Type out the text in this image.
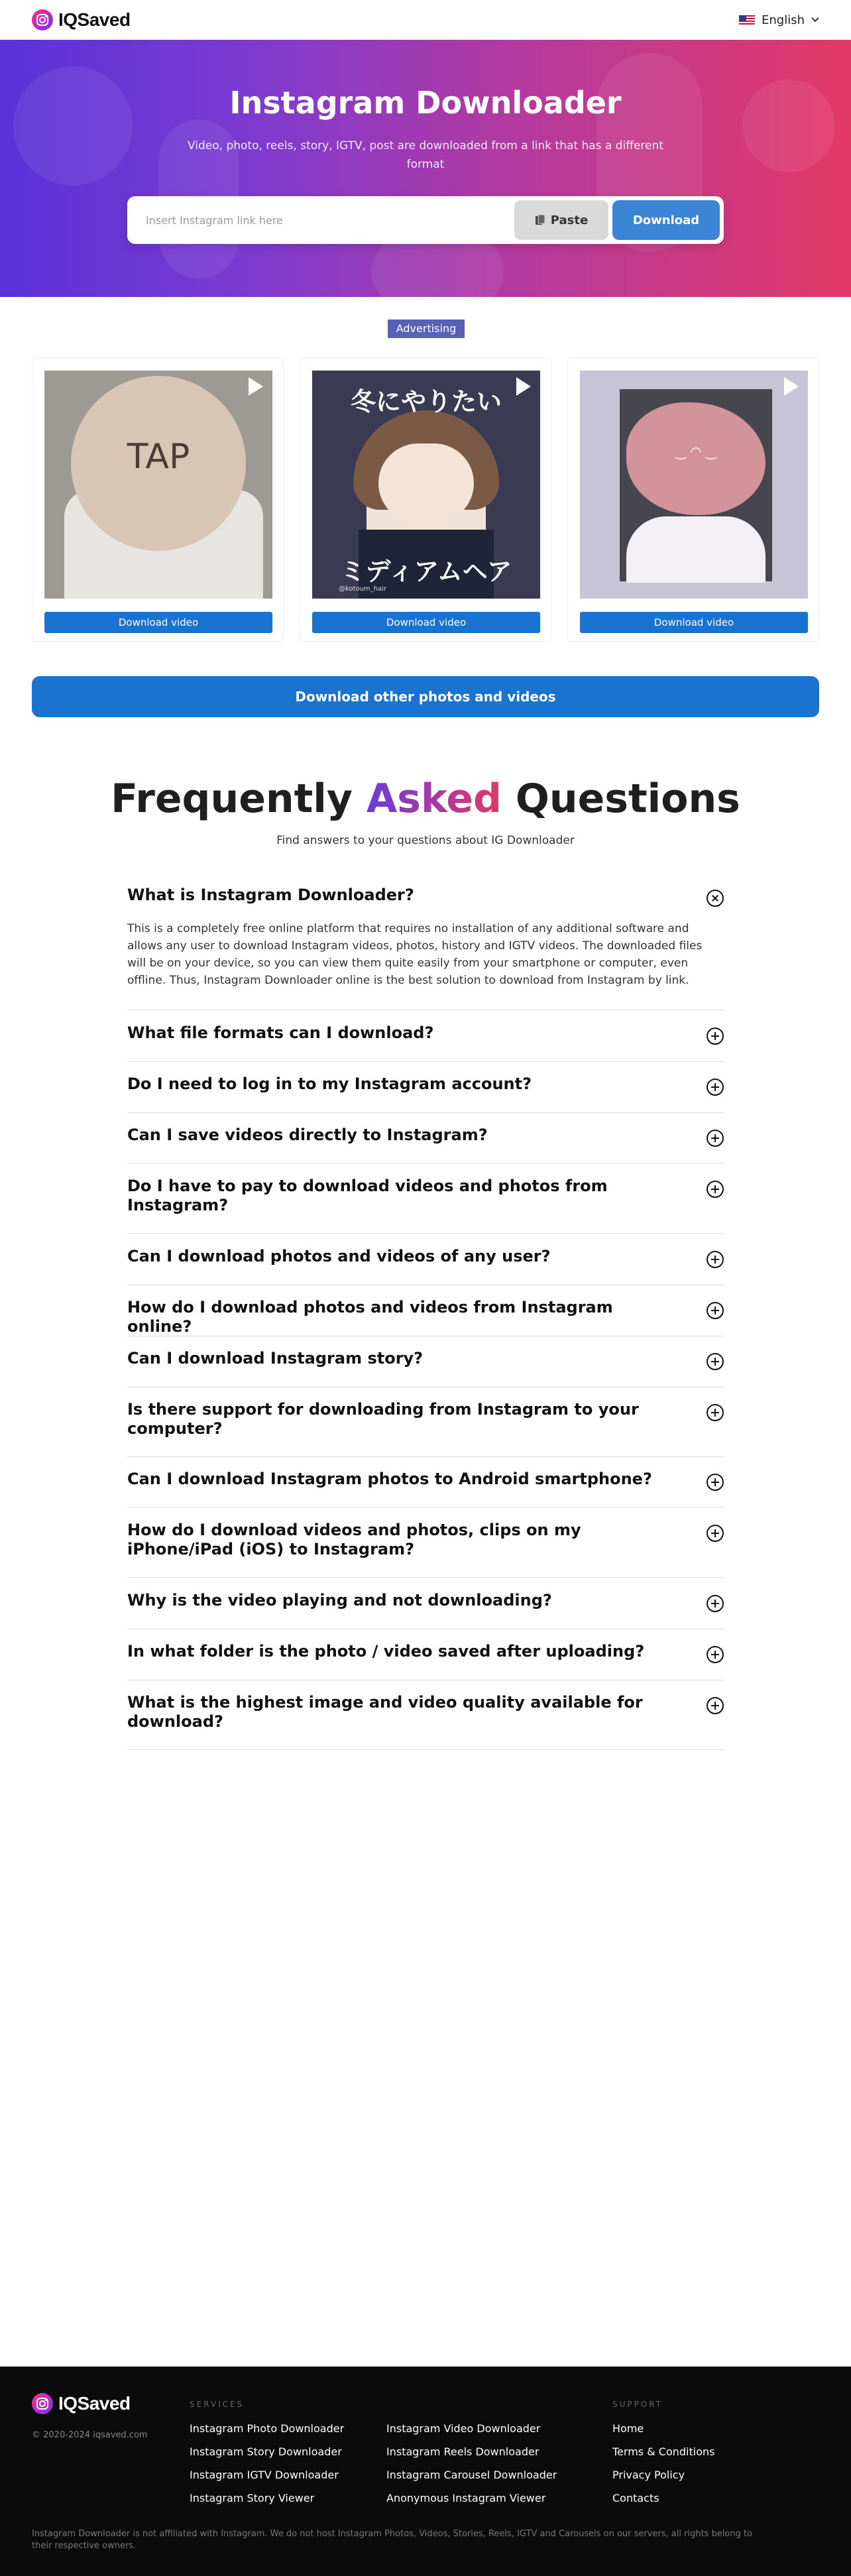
IQSaved	English
Instagram Downloader

Video, photo, reels, story, IGTV, post are downloaded from a link that has a different format

Insert Instagram link here
Paste	Download
Advertising
TAP
Download video
冬にやりたい
ミディアムヘア
@kotoum_hair
Download video
‿ ◠ ‿
Download video
Download other photos and videos
Frequently Asked Questions
Find answers to your questions about IG Downloader
What is Instagram Downloader?
This is a completely free online platform that requires no installation of any additional software and allows any user to download Instagram videos, photos, history and IGTV videos. The downloaded files will be on your device, so you can view them quite easily from your smartphone or computer, even offline. Thus, Instagram Downloader online is the best solution to download from Instagram by link.
What file formats can I download?
Do I need to log in to my Instagram account?
Can I save videos directly to Instagram?
Do I have to pay to download videos and photos from Instagram?
Can I download photos and videos of any user?
How do I download photos and videos from Instagram online?
Can I download Instagram story?
Is there support for downloading from Instagram to your computer?
Can I download Instagram photos to Android smartphone?
How do I download videos and photos, clips on my iPhone/iPad (iOS) to Instagram?
Why is the video playing and not downloading?
In what folder is the photo / video saved after uploading?
What is the highest image and video quality available for download?
IQSaved
© 2020-2024 iqsaved.com
SERVICES
Instagram Photo Downloader
Instagram Story Downloader
Instagram IGTV Downloader
Instagram Story Viewer
Instagram Video Downloader
Instagram Reels Downloader
Instagram Carousel Downloader
Anonymous Instagram Viewer
SUPPORT
Home
Terms & Conditions
Privacy Policy
Contacts
Instagram Downloader is not affiliated with Instagram. We do not host Instagram Photos, Videos, Stories, Reels, IGTV and Carousels on our servers, all rights belong to their respective owners.
